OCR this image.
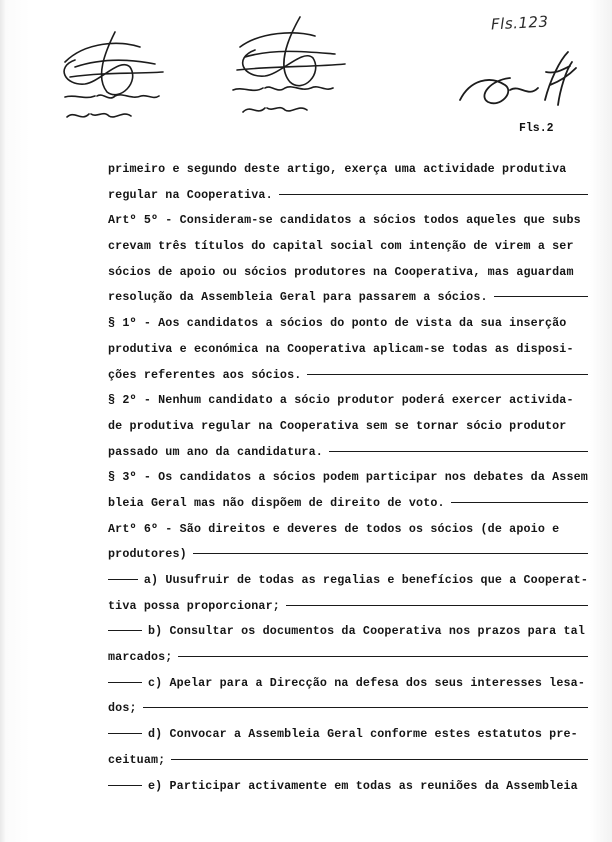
Fls.123
Fls.2
primeiro e segundo deste artigo, exerça uma actividade produtiva
regular na Cooperativa.
Artº 5º - Consideram-se candidatos a sócios todos aqueles que subs
crevam três títulos do capital social com intenção de virem a ser
sócios de apoio ou sócios produtores na Cooperativa, mas aguardam
resolução da Assembleia Geral para passarem a sócios.
§ 1º - Aos candidatos a sócios do ponto de vista da sua inserção
produtiva e económica na Cooperativa aplicam-se todas as disposi-
ções referentes aos sócios.
§ 2º - Nenhum candidato a sócio produtor poderá exercer activida-
de produtiva regular na Cooperativa sem se tornar sócio produtor
passado um ano da candidatura.
§ 3º - Os candidatos a sócios podem participar nos debates da Assem
bleia Geral mas não dispõem de direito de voto.
Artº 6º - São direitos e deveres de todos os sócios (de apoio e
produtores)
a) Uusufruir de todas as regalias e benefícios que a Cooperat-
tiva possa proporcionar;
b) Consultar os documentos da Cooperativa nos prazos para tal
marcados;
c) Apelar para a Direcção na defesa dos seus interesses lesa-
dos;
d) Convocar a Assembleia Geral conforme estes estatutos pre-
ceituam;
e) Participar activamente em todas as reuniões da Assembleia
